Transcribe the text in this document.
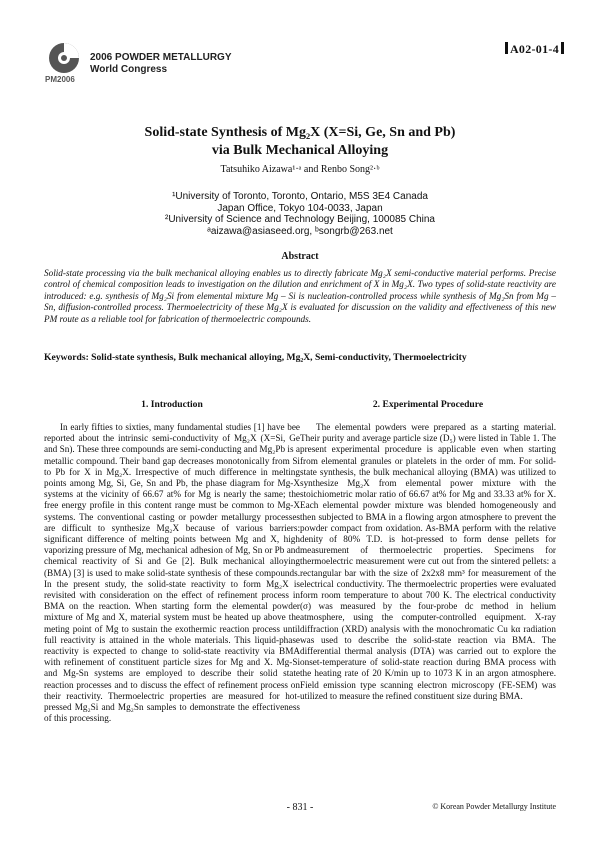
PM2006
2006 POWDER METALLURGY
World Congress
A02-01-4
Solid-state Synthesis of Mg₂X (X=Si, Ge, Sn and Pb)
via Bulk Mechanical Alloying
Tatsuhiko Aizawa¹·ᵃ and Renbo Song²·ᵇ
¹University of Toronto, Toronto, Ontario, M5S 3E4 Canada
Japan Office, Tokyo 104-0033, Japan
²University of Science and Technology Beijing, 100085 China
ᵃaizawa@asiaseed.org, ᵇsongrb@263.net
Abstract
Solid-state processing via the bulk mechanical alloying enables us to directly fabricate Mg₂X semi-conductive material performs. Precise control of chemical composition leads to investigation on the dilution and enrichment of X in Mg₂X. Two types of solid-state reactivity are introduced: e.g. synthesis of Mg₂Si from elemental mixture Mg – Si is nucleation-controlled process while synthesis of Mg₂Sn from Mg – Sn, diffusion-controlled process. Thermoelectricity of these Mg₂X is evaluated for discussion on the validity and effectiveness of this new PM route as a reliable tool for fabrication of thermoelectric compounds.
Keywords: Solid-state synthesis, Bulk mechanical alloying, Mg₂X, Semi-conductivity, Thermoelectricity
1. Introduction	2. Experimental Procedure

In early fifties to sixties, many fundamental studies [1] have bee reported about the intrinsic semi-conductivity of Mg₂X (X=Si, Ge and Sn). These three compounds are semi-conducting and Mg₂Pb is a metallic compound. Their band gap decreases monotonically from Si to Pb for X in Mg₂X. Irrespective of much difference in melting points among Mg, Si, Ge, Sn and Pb, the phase diagram for Mg-X systems at the vicinity of 66.67 at% for Mg is nearly the same; the free energy profile in this content range must be common to Mg-X systems. The conventional casting or powder metallurgy processes are difficult to synthesize Mg₂X because of various barriers: significant difference of melting points between Mg and X, high vaporizing pressure of Mg, mechanical adhesion of Mg, Sn or Pb and chemical reactivity of Si and Ge [2]. Bulk mechanical alloying (BMA) [3] is used to make solid-state synthesis of these compounds. In the present study, the solid-state reactivity to form Mg₂X is revisited with consideration on the effect of refinement process in BMA on the reaction. When starting form the elemental powder mixture of Mg and X, material system must be heated up above the meting point of Mg to sustain the exothermic reaction process until full reactivity is attained in the whole materials. This liquid-phase reactivity is expected to change to solid-state reactivity via BMA with refinement of constituent particle sizes for Mg and X. Mg-Si and Mg-Sn systems are employed to describe their solid state reaction processes and to discuss the effect of refinement process on their reactivity. Thermoelectric properties are measured for hot-pressed Mg₂Si and Mg₂Sn samples to demonstrate the effectiveness of this processing.

The elemental powders were prepared as a starting material. Their purity and average particle size (D₅) were listed in Table 1. The present experimental procedure is applicable even when starting from elemental granules or platelets in the order of mm. For solid-state synthesis, the bulk mechanical alloying (BMA) was utilized to synthesize Mg₂X from elemental power mixture with the stoichiometric molar ratio of 66.67 at% for Mg and 33.33 at% for X. Each elemental powder mixture was blended homogeneously and then subjected to BMA in a flowing argon atmosphere to prevent the powder compact from oxidation. As-BMA perform with the relative denity of 80% T.D. is hot-pressed to form dense pellets for measurement of thermoelectric properties. Specimens for thermoelectric measurement were cut out from the sintered pellets: a rectangular bar with the size of 2x2x8 mm³ for measurement of the electrical conductivity. The thermoelectric properties were evaluated form room temperature to about 700 K. The electrical conductivity (σ) was measured by the four-probe dc method in helium atmosphere, using the computer-controlled equipment. X-ray diffraction (XRD) analysis with the monochromatic Cu kα radiation was used to describe the solid-state reaction via BMA. The differential thermal analysis (DTA) was carried out to explore the onset-temperature of solid-state reaction during BMA process with the heating rate of 20 K/min up to 1073 K in an argon atmosphere. Field emission type scanning electron microscopy (FE-SEM) was utilized to measure the refined constituent size during BMA.

- 831 -	© Korean Powder Metallurgy Institute
